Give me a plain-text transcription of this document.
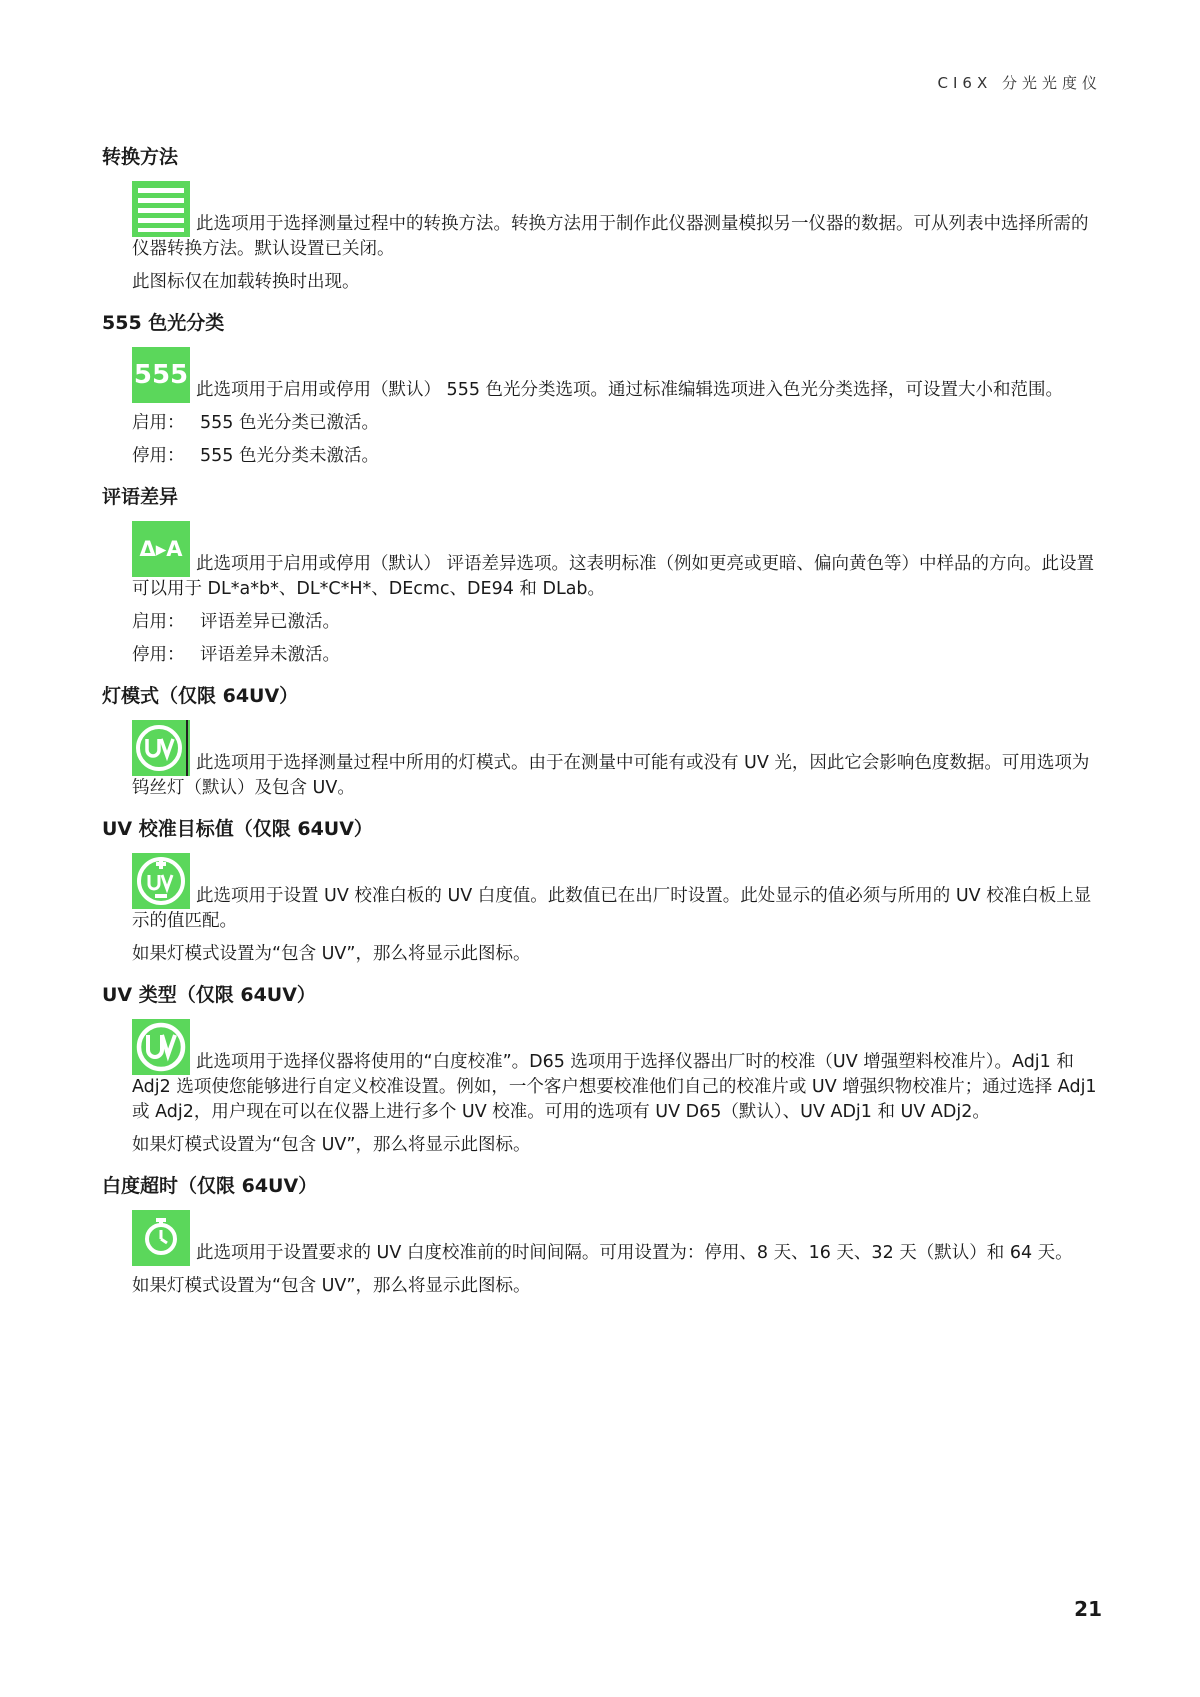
CI6X 分光光度仪
转换方法

此选项用于选择测量过程中的转换方法。转换方法用于制作此仪器测量模拟另一仪器的数据。可从列表中选择所需的仪器转换方法。默认设置已关闭。

此图标仅在加载转换时出现。

555 色光分类

555 此选项用于启用或停用（默认） 555 色光分类选项。通过标准编辑选项进入色光分类选择，可设置大小和范围。

启用： 555 色光分类已激活。

停用： 555 色光分类未激活。

评语差异

Δ▸A
此选项用于启用或停用（默认） 评语差异选项。这表明标准（例如更亮或更暗、偏向黄色等）中样品的方向。此设置可以用于 DL*a*b*、DL*C*H*、DEcmc、DE94 和 DLab。

启用： 评语差异已激活。

停用： 评语差异未激活。

灯模式（仅限 64UV）

此选项用于选择测量过程中所用的灯模式。由于在测量中可能有或没有 UV 光，因此它会影响色度数据。可用选项为钨丝灯（默认）及包含 UV。

UV 校准目标值（仅限 64UV）

此选项用于设置 UV 校准白板的 UV 白度值。此数值已在出厂时设置。此处显示的值必须与所用的 UV 校准白板上显示的值匹配。

如果灯模式设置为“包含 UV”，那么将显示此图标。

UV 类型（仅限 64UV）

此选项用于选择仪器将使用的“白度校准”。D65 选项用于选择仪器出厂时的校准（UV 增强塑料校准片）。Adj1 和 Adj2 选项使您能够进行自定义校准设置。例如，一个客户想要校准他们自己的校准片或 UV 增强织物校准片；通过选择 Adj1 或 Adj2，用户现在可以在仪器上进行多个 UV 校准。可用的选项有 UV D65（默认）、UV ADj1 和 UV ADj2。

如果灯模式设置为“包含 UV”，那么将显示此图标。

白度超时（仅限 64UV）

此选项用于设置要求的 UV 白度校准前的时间间隔。可用设置为：停用、8 天、16 天、32 天（默认）和 64 天。

如果灯模式设置为“包含 UV”，那么将显示此图标。

21
